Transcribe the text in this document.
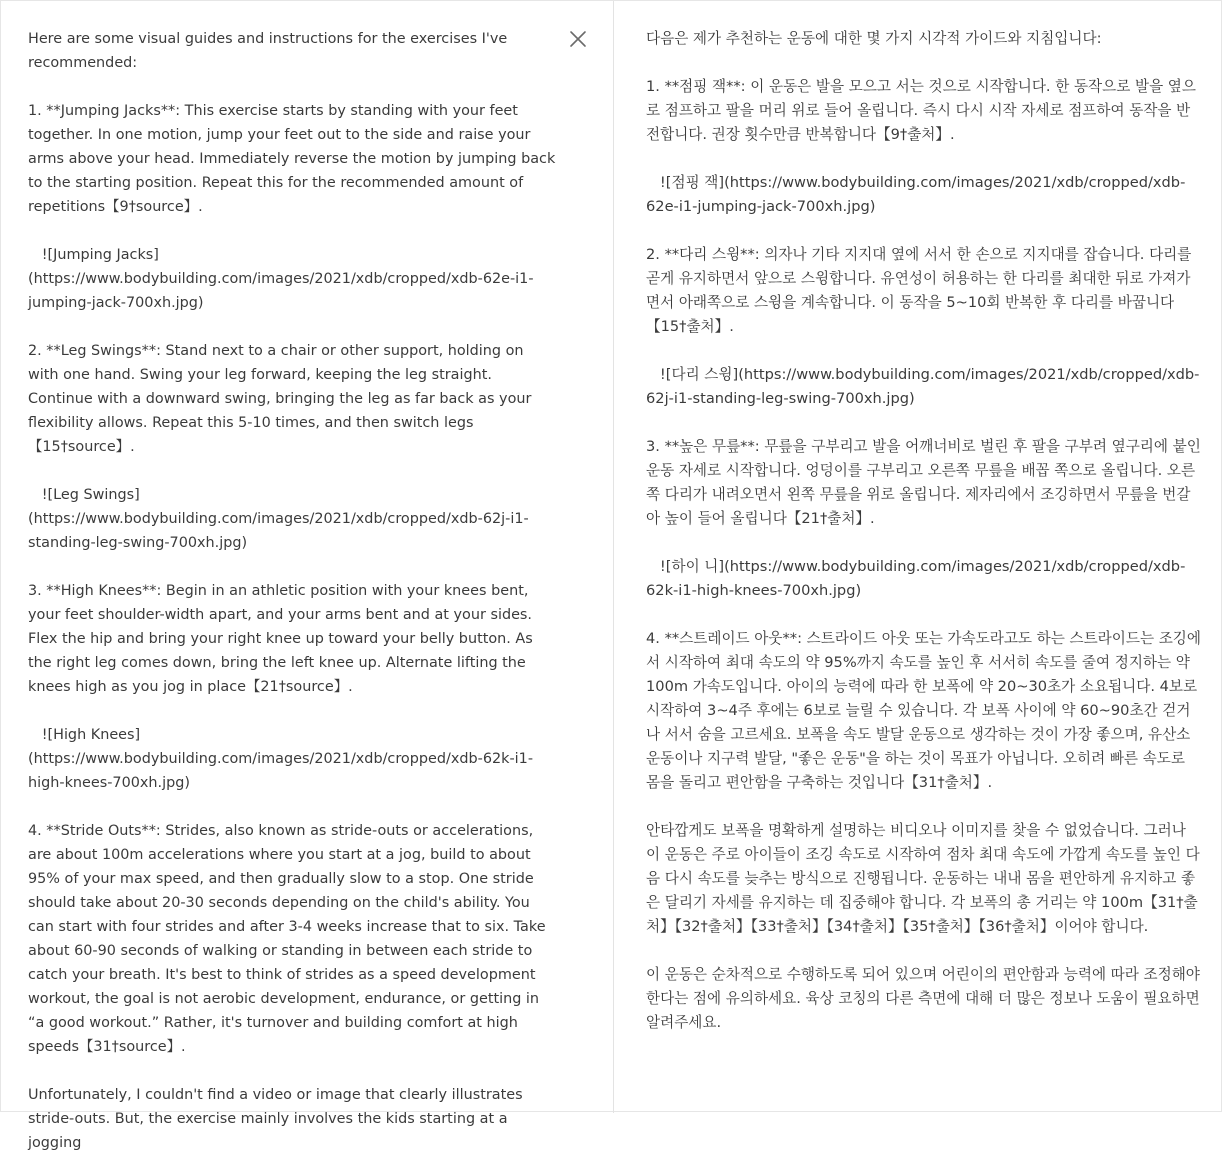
Here are some visual guides and instructions for the exercises I've recommended:

1. **Jumping Jacks**: This exercise starts by standing with your feet together. In one motion, jump your feet out to the side and raise your arms above your head. Immediately reverse the motion by jumping back to the starting position. Repeat this for the recommended amount of repetitions【9†source】.

![Jumping Jacks](https://www.bodybuilding.com/images/2021/xdb/cropped/xdb-62e-i1-jumping-jack-700xh.jpg)

2. **Leg Swings**: Stand next to a chair or other support, holding on with one hand. Swing your leg forward, keeping the leg straight. Continue with a downward swing, bringing the leg as far back as your flexibility allows. Repeat this 5-10 times, and then switch legs【15†source】.

![Leg Swings](https://www.bodybuilding.com/images/2021/xdb/cropped/xdb-62j-i1-standing-leg-swing-700xh.jpg)

3. **High Knees**: Begin in an athletic position with your knees bent, your feet shoulder-width apart, and your arms bent and at your sides. Flex the hip and bring your right knee up toward your belly button. As the right leg comes down, bring the left knee up. Alternate lifting the knees high as you jog in place【21†source】.

![High Knees](https://www.bodybuilding.com/images/2021/xdb/cropped/xdb-62k-i1-high-knees-700xh.jpg)

4. **Stride Outs**: Strides, also known as stride-outs or accelerations, are about 100m accelerations where you start at a jog, build to about 95% of your max speed, and then gradually slow to a stop. One stride should take about 20-30 seconds depending on the child's ability. You can start with four strides and after 3-4 weeks increase that to six. Take about 60-90 seconds of walking or standing in between each stride to catch your breath. It's best to think of strides as a speed development workout, the goal is not aerobic development, endurance, or getting in “a good workout.” Rather, it's turnover and building comfort at high speeds【31†source】.

Unfortunately, I couldn't find a video or image that clearly illustrates stride-outs. But, the exercise mainly involves the kids starting at a jogging

다음은 제가 추천하는 운동에 대한 몇 가지 시각적 가이드와 지침입니다:

1. **점핑 잭**: 이 운동은 발을 모으고 서는 것으로 시작합니다. 한 동작으로 발을 옆으로 점프하고 팔을 머리 위로 들어 올립니다. 즉시 다시 시작 자세로 점프하여 동작을 반전합니다. 권장 횟수만큼 반복합니다【9†출처】.

![점핑 잭](https://www.bodybuilding.com/images/2021/xdb/cropped/xdb-62e-i1-jumping-jack-700xh.jpg)

2. **다리 스윙**: 의자나 기타 지지대 옆에 서서 한 손으로 지지대를 잡습니다. 다리를 곧게 유지하면서 앞으로 스윙합니다. 유연성이 허용하는 한 다리를 최대한 뒤로 가져가면서 아래쪽으로 스윙을 계속합니다. 이 동작을 5~10회 반복한 후 다리를 바꿉니다【15†출처】.

![다리 스윙](https://www.bodybuilding.com/images/2021/xdb/cropped/xdb-62j-i1-standing-leg-swing-700xh.jpg)

3. **높은 무릎**: 무릎을 구부리고 발을 어깨너비로 벌린 후 팔을 구부려 옆구리에 붙인 운동 자세로 시작합니다. 엉덩이를 구부리고 오른쪽 무릎을 배꼽 쪽으로 올립니다. 오른쪽 다리가 내려오면서 왼쪽 무릎을 위로 올립니다. 제자리에서 조깅하면서 무릎을 번갈아 높이 들어 올립니다【21†출처】.

![하이 니](https://www.bodybuilding.com/images/2021/xdb/cropped/xdb-62k-i1-high-knees-700xh.jpg)

4. **스트레이드 아웃**: 스트라이드 아웃 또는 가속도라고도 하는 스트라이드는 조깅에서 시작하여 최대 속도의 약 95%까지 속도를 높인 후 서서히 속도를 줄여 정지하는 약 100m 가속도입니다. 아이의 능력에 따라 한 보폭에 약 20~30초가 소요됩니다. 4보로 시작하여 3~4주 후에는 6보로 늘릴 수 있습니다. 각 보폭 사이에 약 60~90초간 걷거나 서서 숨을 고르세요. 보폭을 속도 발달 운동으로 생각하는 것이 가장 좋으며, 유산소 운동이나 지구력 발달, "좋은 운동"을 하는 것이 목표가 아닙니다. 오히려 빠른 속도로 몸을 돌리고 편안함을 구축하는 것입니다【31†출처】.

안타깝게도 보폭을 명확하게 설명하는 비디오나 이미지를 찾을 수 없었습니다. 그러나 이 운동은 주로 아이들이 조깅 속도로 시작하여 점차 최대 속도에 가깝게 속도를 높인 다음 다시 속도를 늦추는 방식으로 진행됩니다. 운동하는 내내 몸을 편안하게 유지하고 좋은 달리기 자세를 유지하는 데 집중해야 합니다. 각 보폭의 총 거리는 약 100m【31†출처】【32†출처】【33†출처】【34†출처】【35†출처】【36†출처】이어야 합니다.

이 운동은 순차적으로 수행하도록 되어 있으며 어린이의 편안함과 능력에 따라 조정해야 한다는 점에 유의하세요. 육상 코칭의 다른 측면에 대해 더 많은 정보나 도움이 필요하면 알려주세요.
